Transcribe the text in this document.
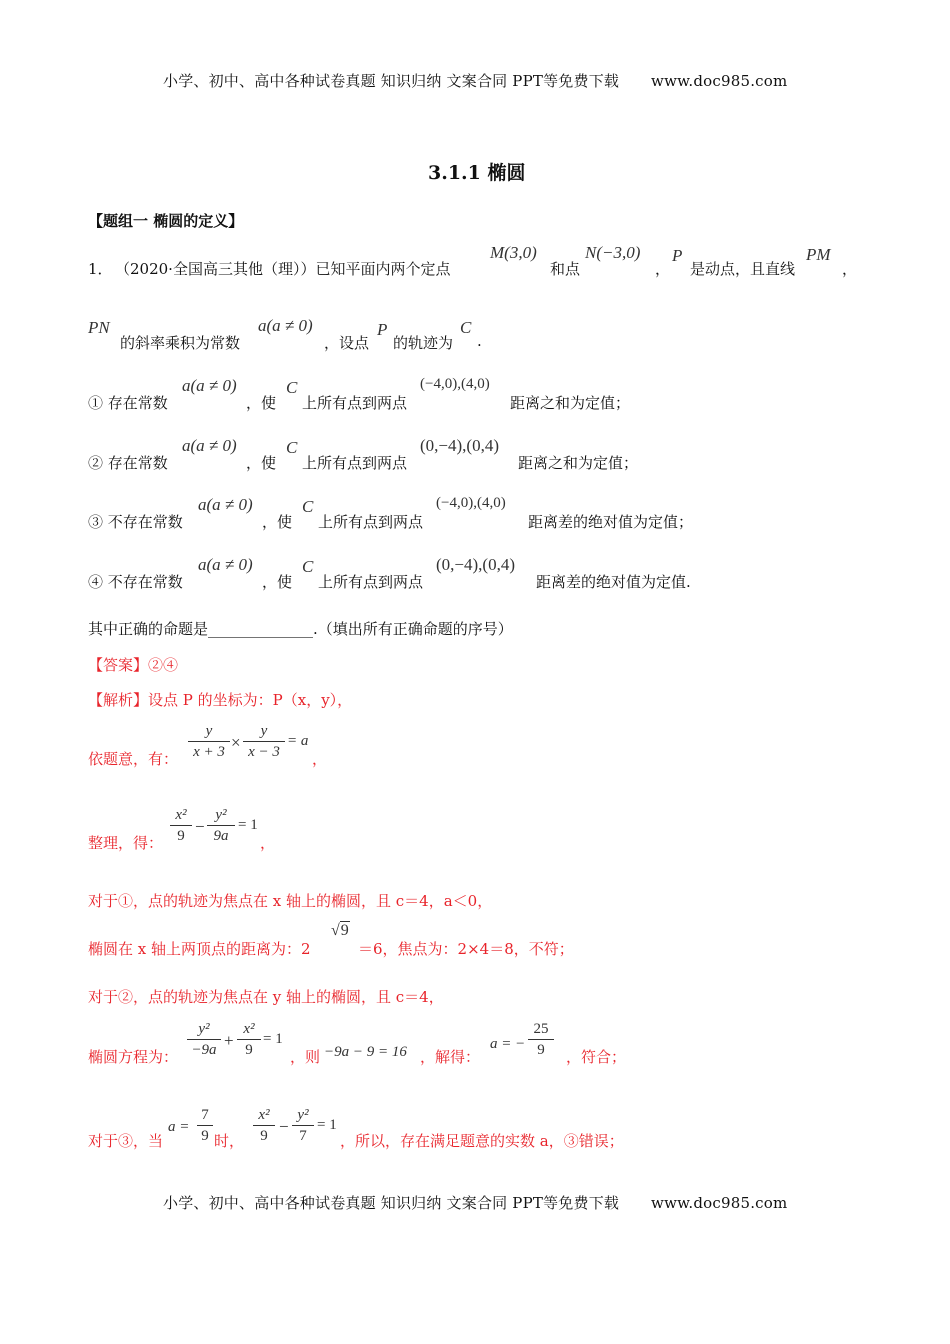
小学、初中、高中各种试卷真题 知识归纳 文案合同 PPT等免费下载 www.doc985.com
3.1.1 椭圆
【题组一 椭圆的定义】
1． （2020·全国高三其他（理））已知平面内两个定点
M(3,0)
和点
N(−3,0)
，
P
是动点，且直线
PM
，
PN
的斜率乘积为常数
a(a ≠ 0)
，设点
P
的轨迹为
C
.
① 存在常数
a(a ≠ 0)
，使
C
上所有点到两点
(−4,0),(4,0)
距离之和为定值；
② 存在常数
a(a ≠ 0)
，使
C
上所有点到两点
(0,−4),(0,4)
距离之和为定值；
③ 不存在常数
a(a ≠ 0)
，使
C
上所有点到两点
(−4,0),(4,0)
距离差的绝对值为定值；
④ 不存在常数
a(a ≠ 0)
，使
C
上所有点到两点
(0,−4),(0,4)
距离差的绝对值为定值.
其中正确的命题是______________.（填出所有正确命题的序号）
【答案】②④
【解析】设点 P 的坐标为：P（x，y），
依题意，有：
y
x + 3 ×
y
x − 3
= a
，
整理，得：
x²
9 −
y²
9a
= 1
，
对于①，点的轨迹为焦点在 x 轴上的椭圆，且 c＝4，a＜0，
椭圆在 x 轴上两顶点的距离为：2
√9
＝6，焦点为：2×4＝8，不符；
对于②，点的轨迹为焦点在 y 轴上的椭圆，且 c＝4，
椭圆方程为：
y²
−9a +
x²
9
= 1
，则 −9a − 9 = 16 ，解得：
a = −
25
9	，符合；
对于③，当
a =
7
9 时，
x²
9 −
y²
7
= 1
，所以，存在满足题意的实数 a，③错误；
小学、初中、高中各种试卷真题 知识归纳 文案合同 PPT等免费下载 www.doc985.com
